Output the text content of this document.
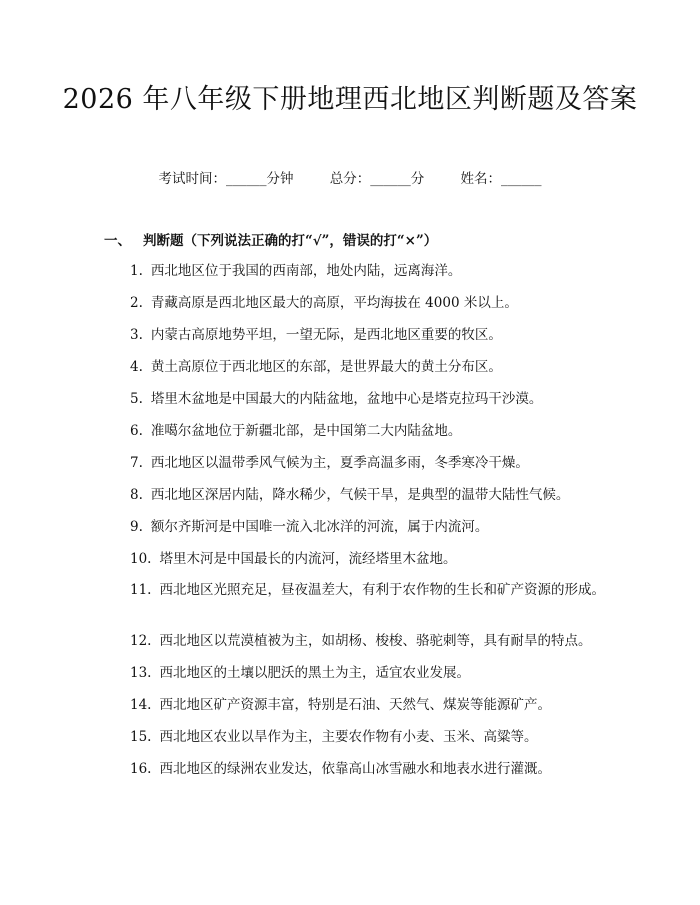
2026 年八年级下册地理西北地区判断题及答案
考试时间：______分钟	总分：______分	姓名：______
一、 判断题（下列说法正确的打“√”，错误的打“×”）
1. 西北地区位于我国的西南部，地处内陆，远离海洋。
2. 青藏高原是西北地区最大的高原，平均海拔在 4000 米以上。
3. 内蒙古高原地势平坦，一望无际，是西北地区重要的牧区。
4. 黄土高原位于西北地区的东部，是世界最大的黄土分布区。
5. 塔里木盆地是中国最大的内陆盆地，盆地中心是塔克拉玛干沙漠。
6. 准噶尔盆地位于新疆北部，是中国第二大内陆盆地。
7. 西北地区以温带季风气候为主，夏季高温多雨，冬季寒冷干燥。
8. 西北地区深居内陆，降水稀少，气候干旱，是典型的温带大陆性气候。
9. 额尔齐斯河是中国唯一流入北冰洋的河流，属于内流河。
10. 塔里木河是中国最长的内流河，流经塔里木盆地。
11. 西北地区光照充足，昼夜温差大，有利于农作物的生长和矿产资源的形成。
12. 西北地区以荒漠植被为主，如胡杨、梭梭、骆驼刺等，具有耐旱的特点。
13. 西北地区的土壤以肥沃的黑土为主，适宜农业发展。
14. 西北地区矿产资源丰富，特别是石油、天然气、煤炭等能源矿产。
15. 西北地区农业以旱作为主，主要农作物有小麦、玉米、高粱等。
16. 西北地区的绿洲农业发达，依靠高山冰雪融水和地表水进行灌溉。
